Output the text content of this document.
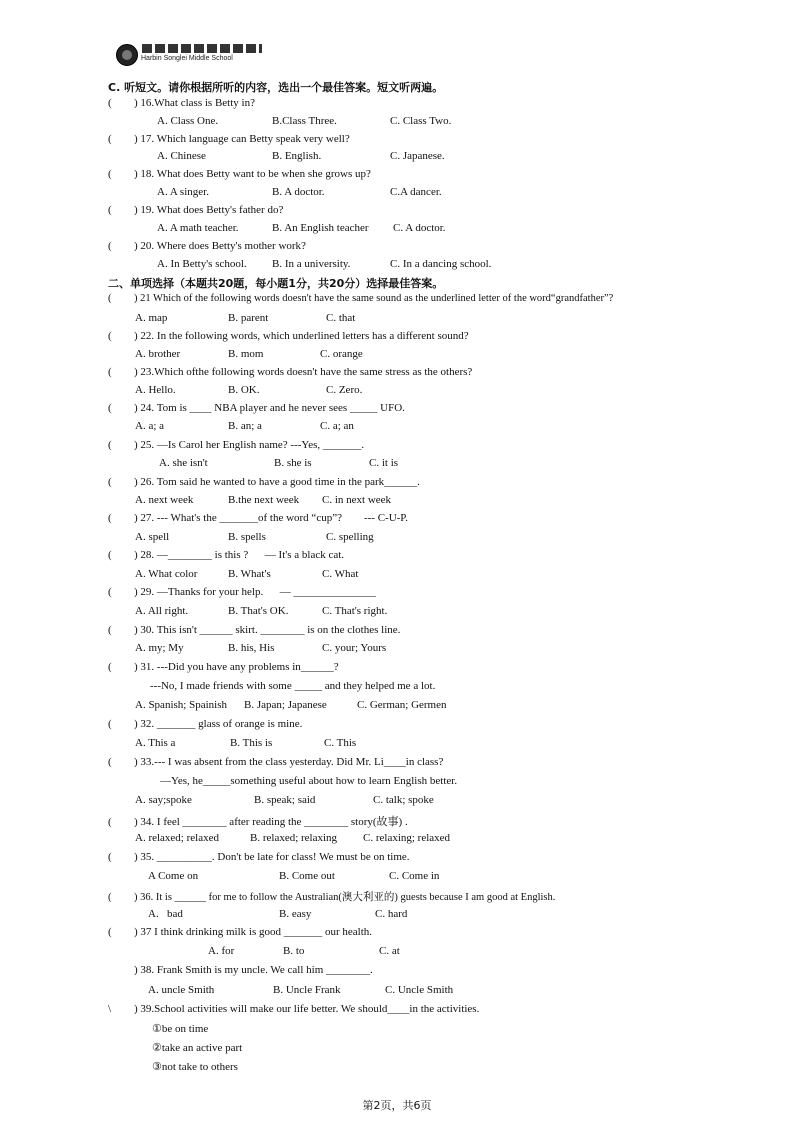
Harbin Songlei Middle School
C. 听短文。请你根据所听的内容，选出一个最佳答案。短文听两遍。
( ) 16.What class is Betty in?
A. Class One.	B.Class Three.	C. Class Two.
( ) 17. Which language can Betty speak very well?
A. Chinese	B. English.	C. Japanese.
( ) 18. What does Betty want to be when she grows up?
A. A singer.	B. A doctor.	C.A dancer.
( ) 19. What does Betty's father do?
A. A math teacher.	B. An English teacher C. A doctor.
( ) 20. Where does Betty's mother work?
A. In Betty's school. B. In a university.	C. In a dancing school.
二、单项选择（本题共20题，每小题1分，共20分）选择最佳答案。
( ) 21 Which of the following words doesn't have the same sound as the underlined letter of the word“grandfather”?
A. map	B. parent	C. that
( ) 22. In the following words, which underlined letters has a different sound?
A. brother	B. mom	C. orange
( ) 23.Which ofthe following words doesn't have the same stress as the others?
A. Hello.	B. OK.	C. Zero.
( ) 24. Tom is ____ NBA player and he never sees _____ UFO.
A. a; a	B. an; a	C. a; an
( ) 25. —Is Carol her English name? ---Yes, _______.
A. she isn't	B. she is	C. it is
( ) 26. Tom said he wanted to have a good time in the park______.
A. next week	B.the next week C. in next week
( ) 27. --- What's the _______of the word “cup”?        --- C-U-P.
A. spell	B. spells	C. spelling
( ) 28. —________ is this ?      — It's a black cat.
A. What color	B. What's	C. What
( ) 29. —Thanks for your help.      — _______________
A. All right.	B. That's OK.	C. That's right.
( ) 30. This isn't ______ skirt. ________ is on the clothes line.
A. my; My	B. his, His	C. your; Yours
( ) 31. ---Did you have any problems in______?
---No, I made friends with some _____ and they helped me a lot.
A. Spanish; Spainish B. Japan; Japanese	C. German; Germen
( ) 32. _______ glass of orange is mine.
A. This a	B. This is	C. This
( ) 33.--- I was absent from the class yesterday. Did Mr. Li____in class?
—Yes, he_____something useful about how to learn English better.
A. say;spoke	B. speak; said	C. talk; spoke
( ) 34. I feel ________ after reading the ________ story(故事) .
A. relaxed; relaxed	B. relaxed; relaxing C. relaxing; relaxed
( ) 35. __________. Don't be late for class! We must be on time.
A Come on	B. Come out	C. Come in
( ) 36. It is ______ for me to follow the Australian(澳大利亚的) guests because I am good at English.
A.   bad	B. easy	C. hard
( ) 37 I think drinking milk is good _______ our health.
A. for	B. to	C. at
) 38. Frank Smith is my uncle. We call him ________.
A. uncle Smith	B. Uncle Frank	C. Uncle Smith
\ ) 39.School activities will make our life better. We should____in the activities.
①be on time
②take an active part
③not take to others
第2页，共6页
